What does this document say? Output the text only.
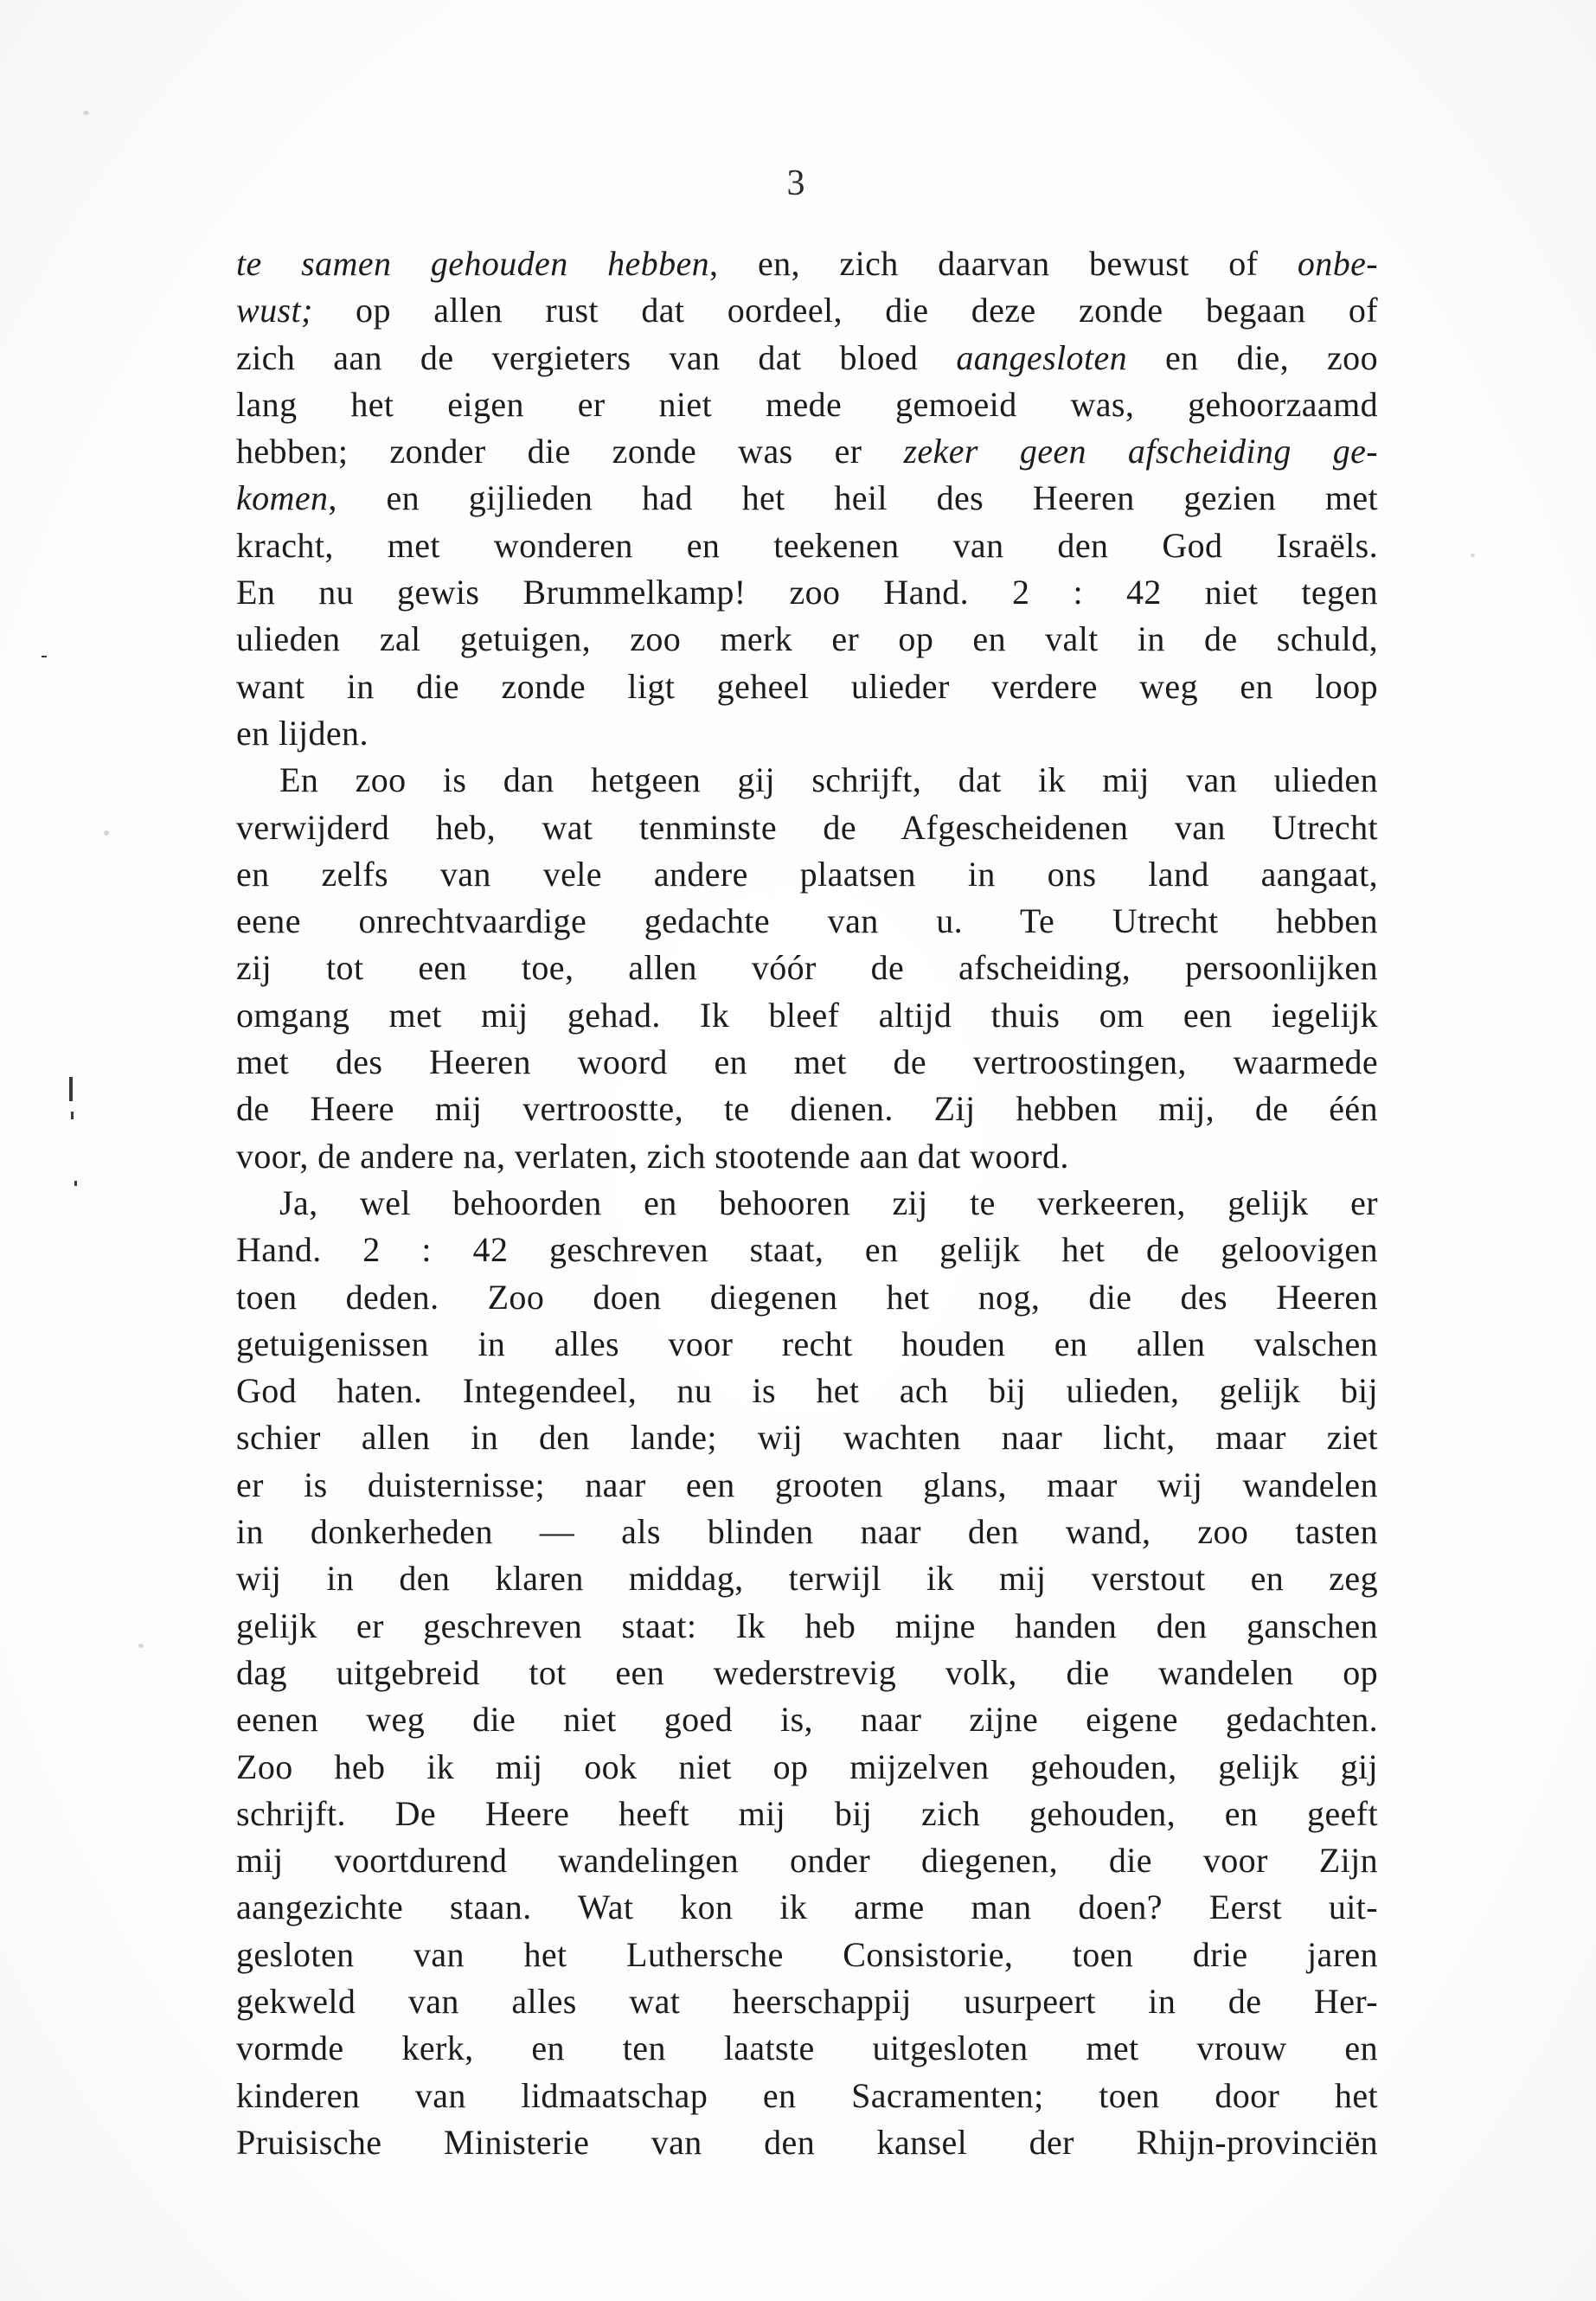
3
te samen gehouden hebben, en, zich daarvan bewust of onbe-
wust; op allen rust dat oordeel, die deze zonde begaan of
zich aan de vergieters van dat bloed aangesloten en die, zoo
lang het eigen er niet mede gemoeid was, gehoorzaamd
hebben; zonder die zonde was er zeker geen afscheiding ge-
komen, en gijlieden had het heil des Heeren gezien met
kracht, met wonderen en teekenen van den God Israëls.
En nu gewis Brummelkamp! zoo Hand. 2 : 42 niet tegen
ulieden zal getuigen, zoo merk er op en valt in de schuld,
want in die zonde ligt geheel ulieder verdere weg en loop
en lijden.
En zoo is dan hetgeen gij schrijft, dat ik mij van ulieden
verwijderd heb, wat tenminste de Afgescheidenen van Utrecht
en zelfs van vele andere plaatsen in ons land aangaat,
eene onrechtvaardige gedachte van u. Te Utrecht hebben
zij tot een toe, allen vóór de afscheiding, persoonlijken
omgang met mij gehad. Ik bleef altijd thuis om een iegelijk
met des Heeren woord en met de vertroostingen, waarmede
de Heere mij vertroostte, te dienen. Zij hebben mij, de één
voor, de andere na, verlaten, zich stootende aan dat woord.
Ja, wel behoorden en behooren zij te verkeeren, gelijk er
Hand. 2 : 42 geschreven staat, en gelijk het de geloovigen
toen deden. Zoo doen diegenen het nog, die des Heeren
getuigenissen in alles voor recht houden en allen valschen
God haten. Integendeel, nu is het ach bij ulieden, gelijk bij
schier allen in den lande; wij wachten naar licht, maar ziet
er is duisternisse; naar een grooten glans, maar wij wandelen
in donkerheden — als blinden naar den wand, zoo tasten
wij in den klaren middag, terwijl ik mij verstout en zeg
gelijk er geschreven staat: Ik heb mijne handen den ganschen
dag uitgebreid tot een wederstrevig volk, die wandelen op
eenen weg die niet goed is, naar zijne eigene gedachten.
Zoo heb ik mij ook niet op mijzelven gehouden, gelijk gij
schrijft. De Heere heeft mij bij zich gehouden, en geeft
mij voortdurend wandelingen onder diegenen, die voor Zijn
aangezichte staan. Wat kon ik arme man doen? Eerst uit-
gesloten van het Luthersche Consistorie, toen drie jaren
gekweld van alles wat heerschappij usurpeert in de Her-
vormde kerk, en ten laatste uitgesloten met vrouw en
kinderen van lidmaatschap en Sacramenten; toen door het
Pruisische Ministerie van den kansel der Rhijn-provinciën
